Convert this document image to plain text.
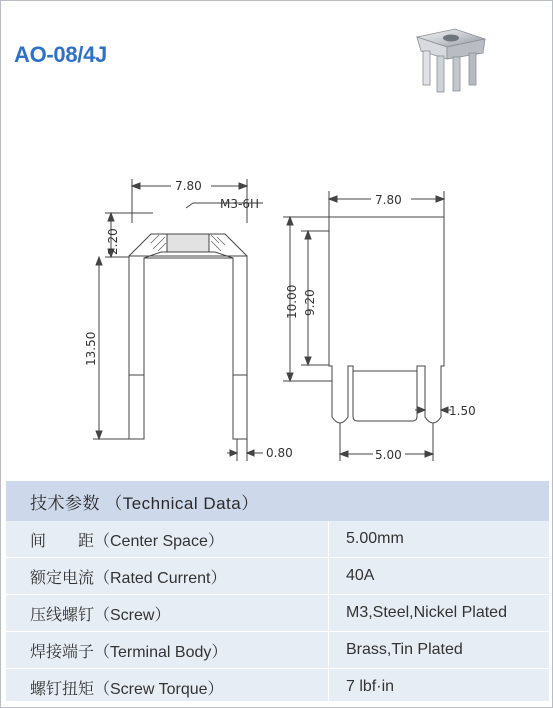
AO-08/4J
7.80
M3-6H
2.20
13.50
0.80
7.80
10.00 9.20
1.50
5.00
技术参数 （Technical Data）
间　　距（Center Space）	5.00mm
额定电流（Rated Current）	40A
压线螺钉（Screw）	M3,Steel,Nickel Plated
焊接端子（Terminal Body）	Brass,Tin Plated
螺钉扭矩（Screw Torque）	7 lbf·in
